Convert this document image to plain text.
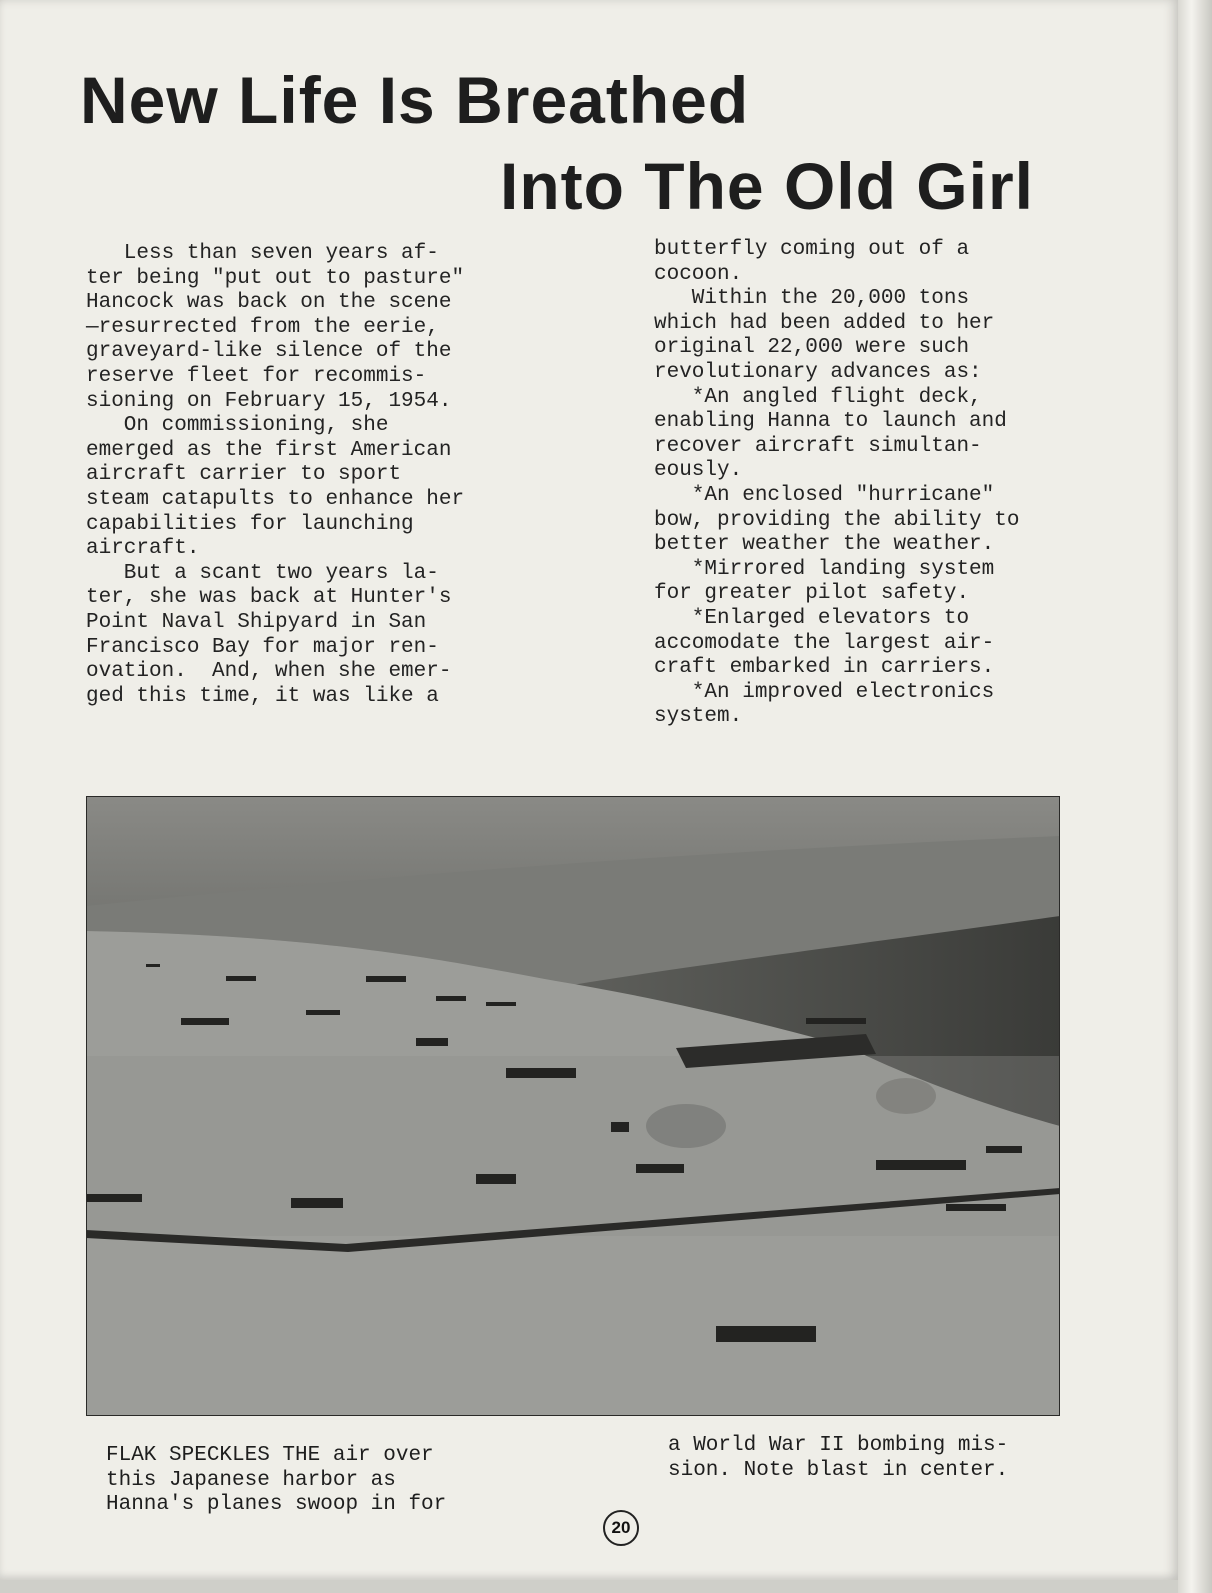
New Life Is Breathed
Into The Old Girl

Less than seven years af-
ter being "put out to pasture"
Hancock was back on the scene
—resurrected from the eerie,
graveyard-like silence of the
reserve fleet for recommis-
sioning on February 15, 1954.
On commissioning, she
emerged as the first American
aircraft carrier to sport
steam catapults to enhance her
capabilities for launching
aircraft.
But a scant two years la-
ter, she was back at Hunter's
Point Naval Shipyard in San
Francisco Bay for major ren-
ovation.  And, when she emer-
ged this time, it was like a

butterfly coming out of a
cocoon.
Within the 20,000 tons
which had been added to her
original 22,000 were such
revolutionary advances as:
*An angled flight deck,
enabling Hanna to launch and
recover aircraft simultan-
eously.
*An enclosed "hurricane"
bow, providing the ability to
better weather the weather.
*Mirrored landing system
for greater pilot safety.
*Enlarged elevators to
accomodate the largest air-
craft embarked in carriers.
*An improved electronics
system.

FLAK SPECKLES THE air over
this Japanese harbor as
Hanna's planes swoop in for

a World War II bombing mis-
sion. Note blast in center.

20
